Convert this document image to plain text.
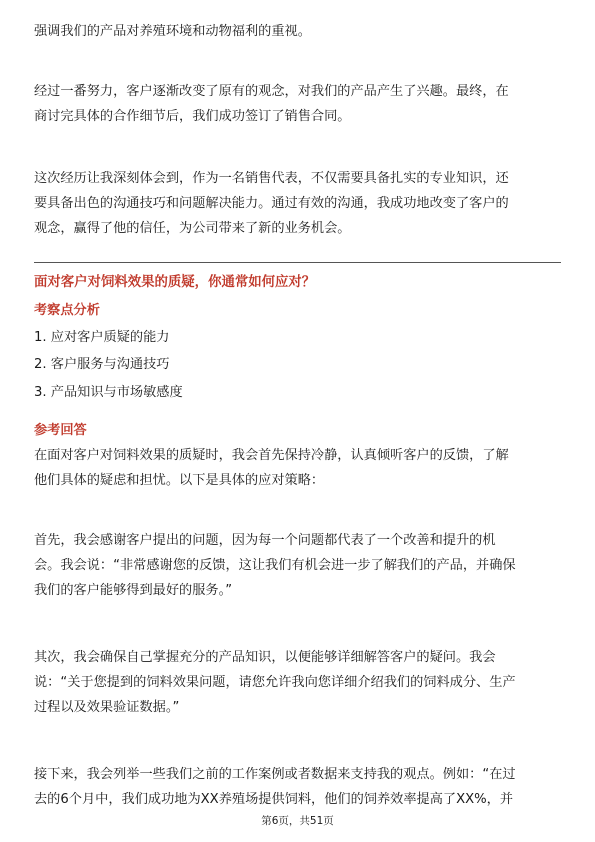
强调我们的产品对养殖环境和动物福利的重视。

经过一番努力，客户逐渐改变了原有的观念，对我们的产品产生了兴趣。最终，在
商讨完具体的合作细节后，我们成功签订了销售合同。

这次经历让我深刻体会到，作为一名销售代表，不仅需要具备扎实的专业知识，还
要具备出色的沟通技巧和问题解决能力。通过有效的沟通，我成功地改变了客户的
观念，赢得了他的信任，为公司带来了新的业务机会。

面对客户对饲料效果的质疑，你通常如何应对？

考察点分析

1. 应对客户质疑的能力

2. 客户服务与沟通技巧

3. 产品知识与市场敏感度

参考回答

在面对客户对饲料效果的质疑时，我会首先保持冷静，认真倾听客户的反馈，了解
他们具体的疑虑和担忧。以下是具体的应对策略：

首先，我会感谢客户提出的问题，因为每一个问题都代表了一个改善和提升的机
会。我会说：“非常感谢您的反馈，这让我们有机会进一步了解我们的产品，并确保
我们的客户能够得到最好的服务。”

其次，我会确保自己掌握充分的产品知识，以便能够详细解答客户的疑问。我会
说：“关于您提到的饲料效果问题，请您允许我向您详细介绍我们的饲料成分、生产
过程以及效果验证数据。”

接下来，我会列举一些我们之前的工作案例或者数据来支持我的观点。例如：“在过
去的6个月中，我们成功地为XX养殖场提供饲料，他们的饲养效率提高了XX%，并

第6页，共51页
